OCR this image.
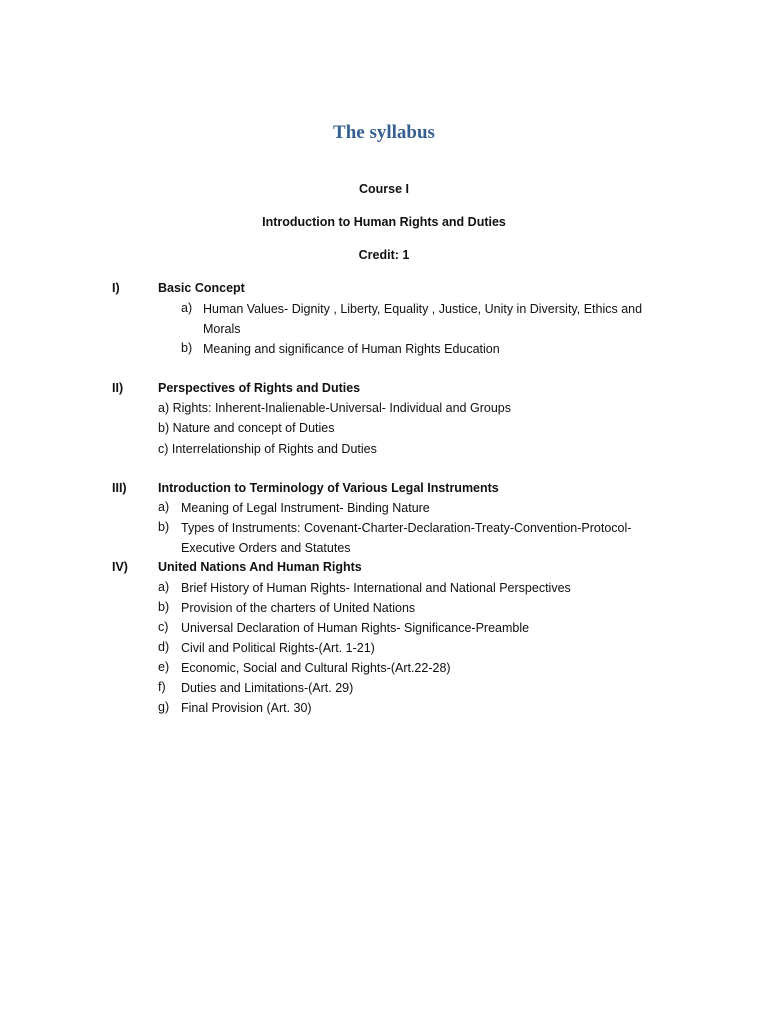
The syllabus
Course I
Introduction to Human Rights and Duties
Credit: 1
I)	Basic Concept
a) Human Values- Dignity , Liberty, Equality , Justice, Unity in Diversity, Ethics and
Morals
b) Meaning and significance of Human Rights Education
II)	Perspectives of Rights and Duties
a) Rights: Inherent-Inalienable-Universal- Individual and Groups
b) Nature and concept of Duties
c) Interrelationship of Rights and Duties
III)	Introduction to Terminology of Various Legal Instruments
a) Meaning of Legal Instrument- Binding Nature
b) Types of Instruments: Covenant-Charter-Declaration-Treaty-Convention-Protocol-
Executive Orders and Statutes
IV) United Nations And Human Rights
a) Brief History of Human Rights- International and National Perspectives
b) Provision of the charters of United Nations
c) Universal Declaration of Human Rights- Significance-Preamble
d) Civil and Political Rights-(Art. 1-21)
e) Economic, Social and Cultural Rights-(Art.22-28)
f) Duties and Limitations-(Art. 29)
g) Final Provision (Art. 30)
